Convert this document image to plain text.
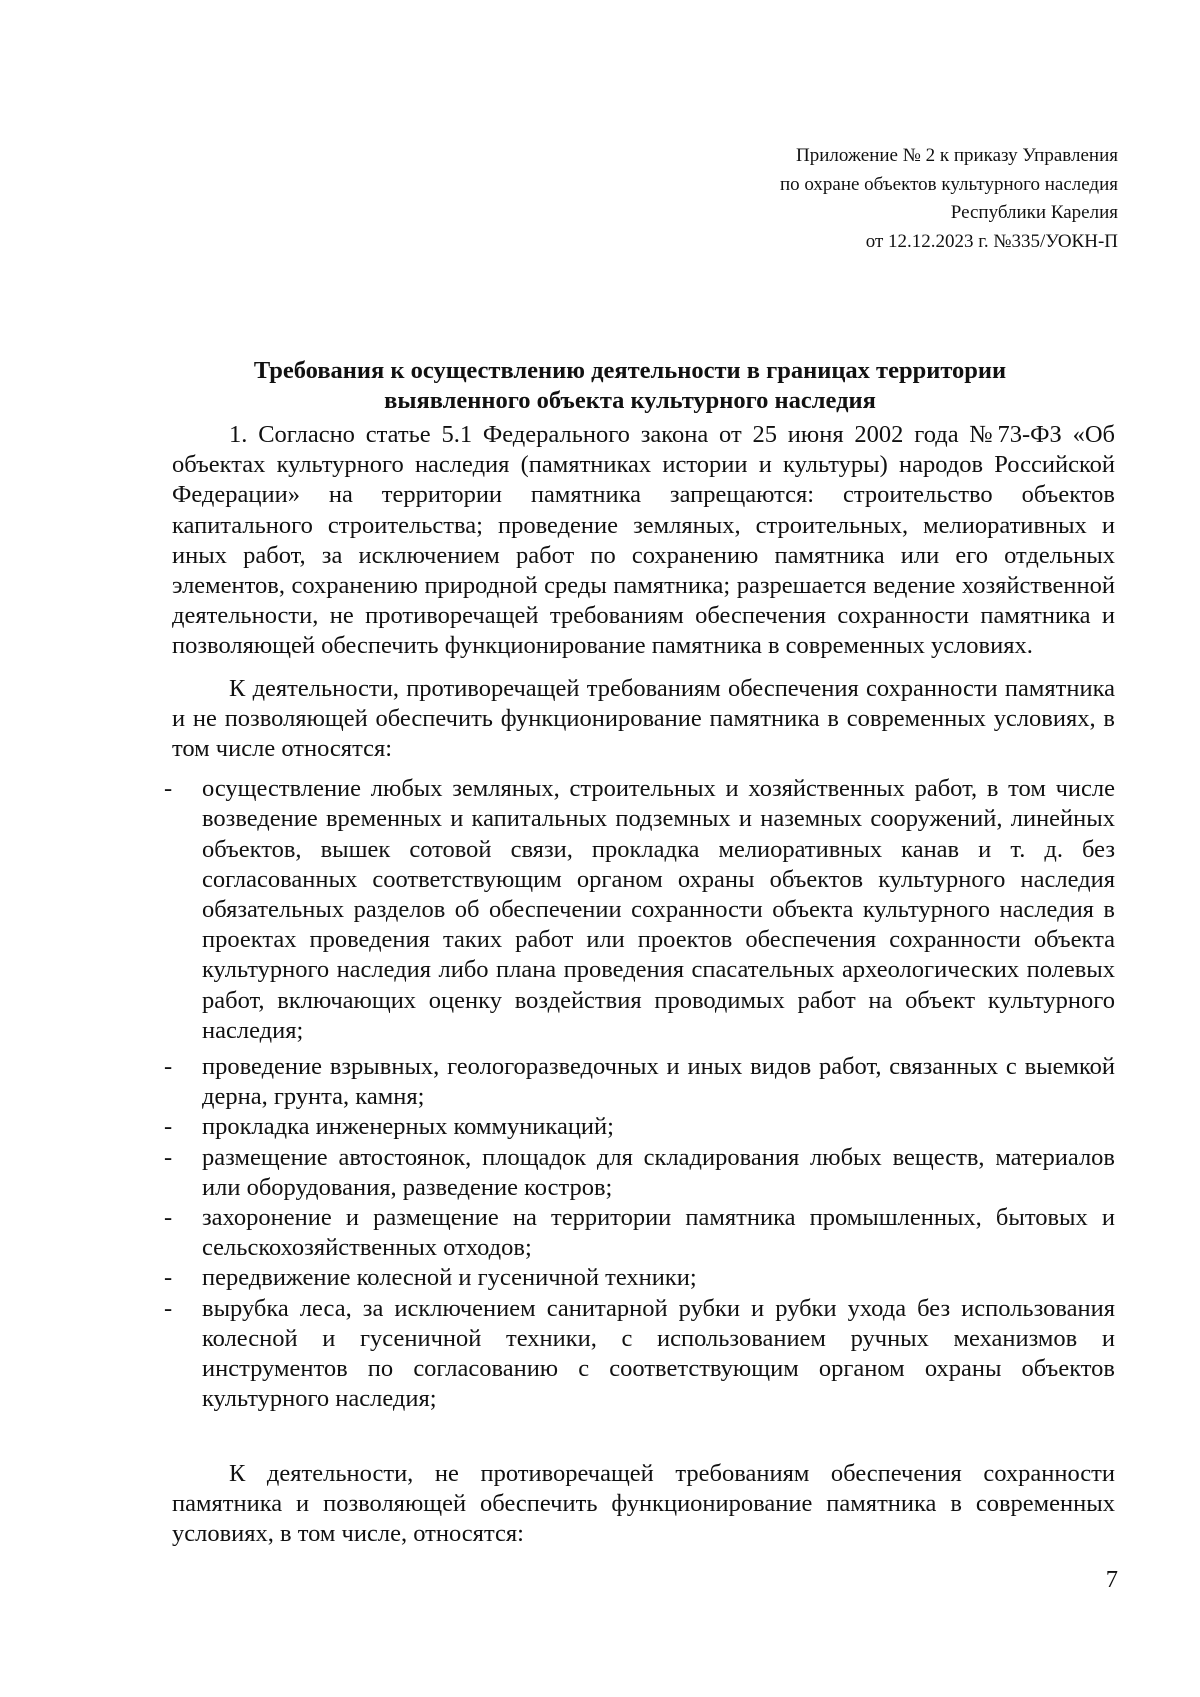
Приложение № 2 к приказу Управления
по охране объектов культурного наследия
Республики Карелия
от 12.12.2023 г. №335/УОКН-П
Требования к осуществлению деятельности в границах территории
выявленного объекта культурного наследия

1. Согласно статье 5.1 Федерального закона от 25 июня 2002 года №73-ФЗ «Об объектах культурного наследия (памятниках истории и культуры) народов Российской Федерации» на территории памятника запрещаются: строительство объектов капитального строительства; проведение земляных, строительных, мелиоративных и иных работ, за исключением работ по сохранению памятника или его отдельных элементов, сохранению природной среды памятника; разрешается ведение хозяйственной деятельности, не противоречащей требованиям обеспечения сохранности памятника и позволяющей обеспечить функционирование памятника в современных условиях.

К деятельности, противоречащей требованиям обеспечения сохранности памятника и не позволяющей обеспечить функционирование памятника в современных условиях, в том числе относятся:

- осуществление любых земляных, строительных и хозяйственных работ, в том числе возведение временных и капитальных подземных и наземных сооружений, линейных объектов, вышек сотовой связи, прокладка мелиоративных канав и т. д. без согласованных соответствующим органом охраны объектов культурного наследия обязательных разделов об обеспечении сохранности объекта культурного наследия в проектах проведения таких работ или проектов обеспечения сохранности объекта культурного наследия либо плана проведения спасательных археологических полевых работ, включающих оценку воздействия проводимых работ на объект культурного наследия;
- проведение взрывных, геологоразведочных и иных видов работ, связанных с выемкой дерна, грунта, камня;
- прокладка инженерных коммуникаций;
- размещение автостоянок, площадок для складирования любых веществ, материалов или оборудования, разведение костров;
- захоронение и размещение на территории памятника промышленных, бытовых и сельскохозяйственных отходов;
- передвижение колесной и гусеничной техники;
- вырубка леса, за исключением санитарной рубки и рубки ухода без использования колесной и гусеничной техники, с использованием ручных механизмов и инструментов по согласованию с соответствующим органом охраны объектов культурного наследия;

К деятельности, не противоречащей требованиям обеспечения сохранности памятника и позволяющей обеспечить функционирование памятника в современных условиях, в том числе, относятся:

7
